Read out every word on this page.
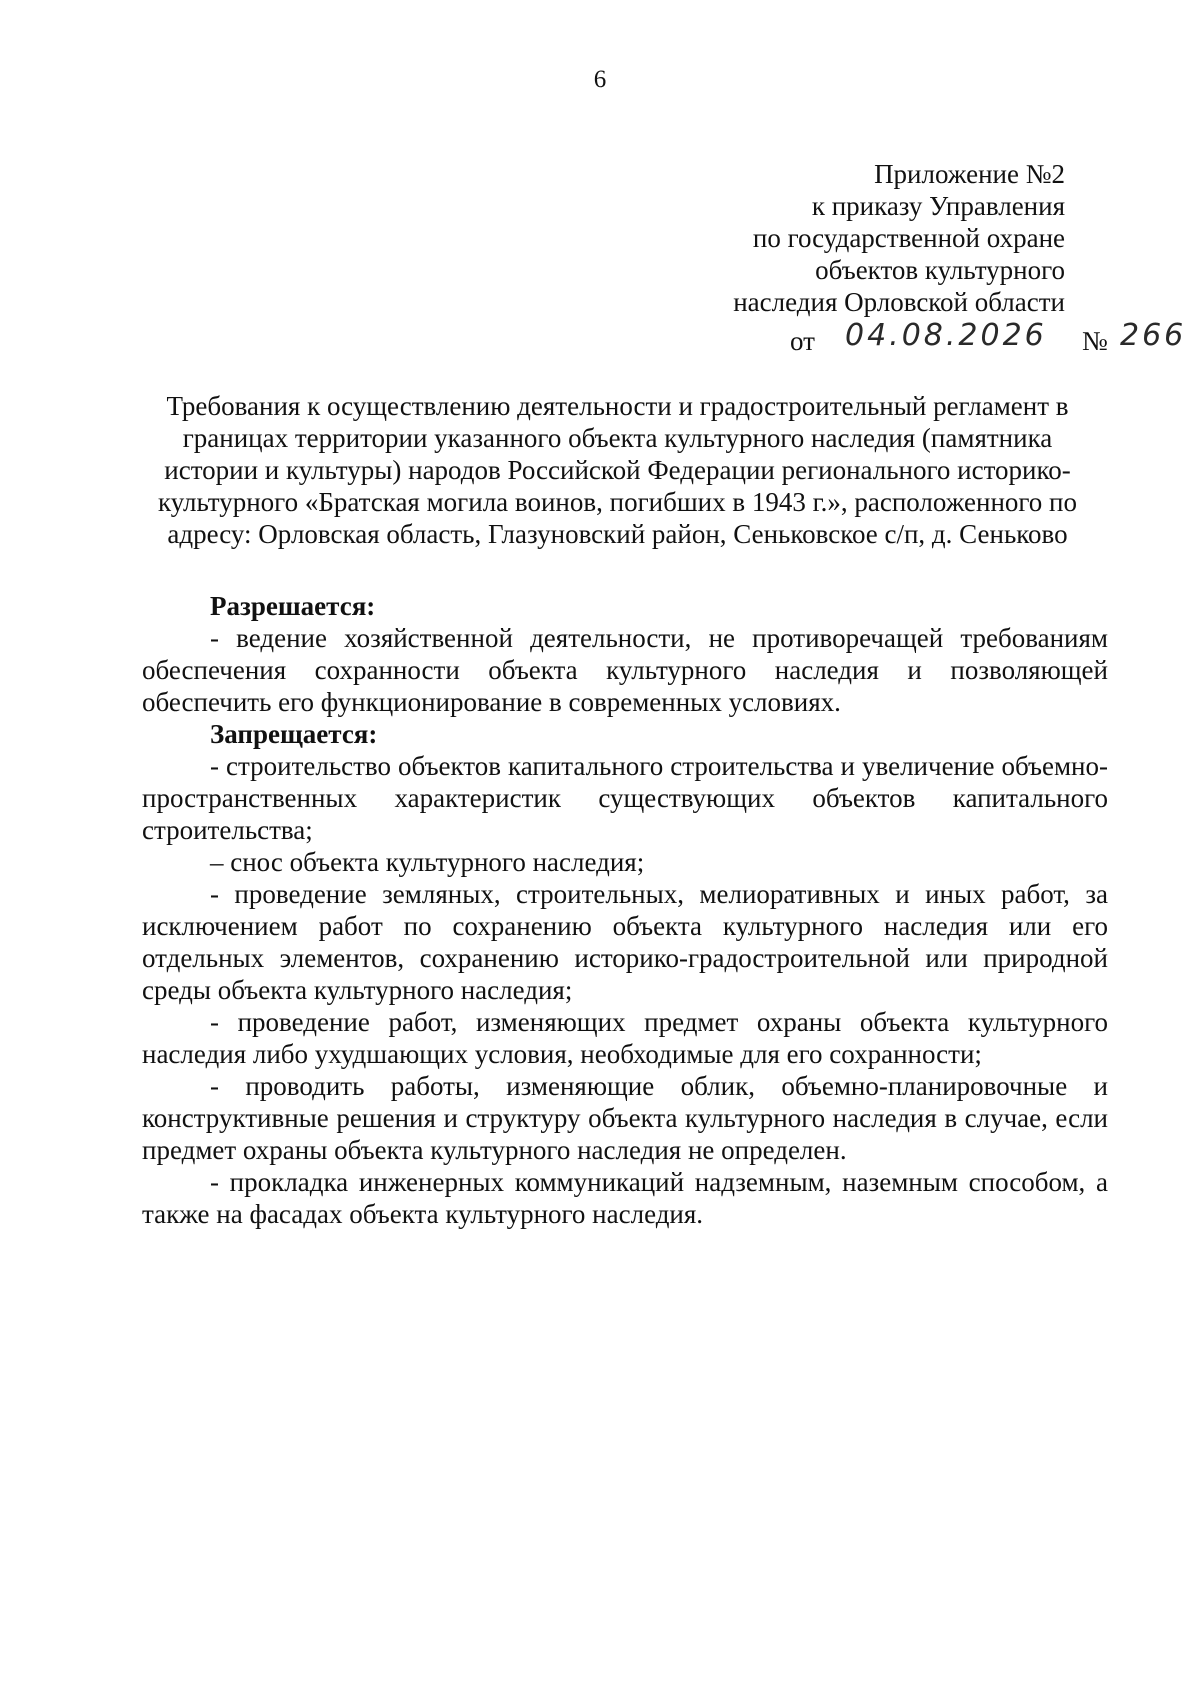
6
Приложение №2
к приказу Управления
по государственной охране
объектов культурного
наследия Орловской области
от 04.08.2026 № 266
Требования к осуществлению деятельности и градостроительный регламент в
границах территории указанного объекта культурного наследия (памятника
истории и культуры) народов Российской Федерации регионального историко-
культурного «Братская могила воинов, погибших в 1943 г.», расположенного по
адресу: Орловская область, Глазуновский район, Сеньковское с/п, д. Сеньково
Разрешается:
- ведение хозяйственной деятельности, не противоречащей требованиям обеспечения сохранности объекта культурного наследия и позволяющей обеспечить его функционирование в современных условиях.
Запрещается:
- строительство объектов капитального строительства и увеличение объемно-пространственных характеристик существующих объектов капитального строительства;
– снос объекта культурного наследия;
- проведение земляных, строительных, мелиоративных и иных работ, за исключением работ по сохранению объекта культурного наследия или его отдельных элементов, сохранению историко-градостроительной или природной среды объекта культурного наследия;
- проведение работ, изменяющих предмет охраны объекта культурного наследия либо ухудшающих условия, необходимые для его сохранности;
- проводить работы, изменяющие облик, объемно-планировочные и конструктивные решения и структуру объекта культурного наследия в случае, если предмет охраны объекта культурного наследия не определен.
- прокладка инженерных коммуникаций надземным, наземным способом, а также на фасадах объекта культурного наследия.
